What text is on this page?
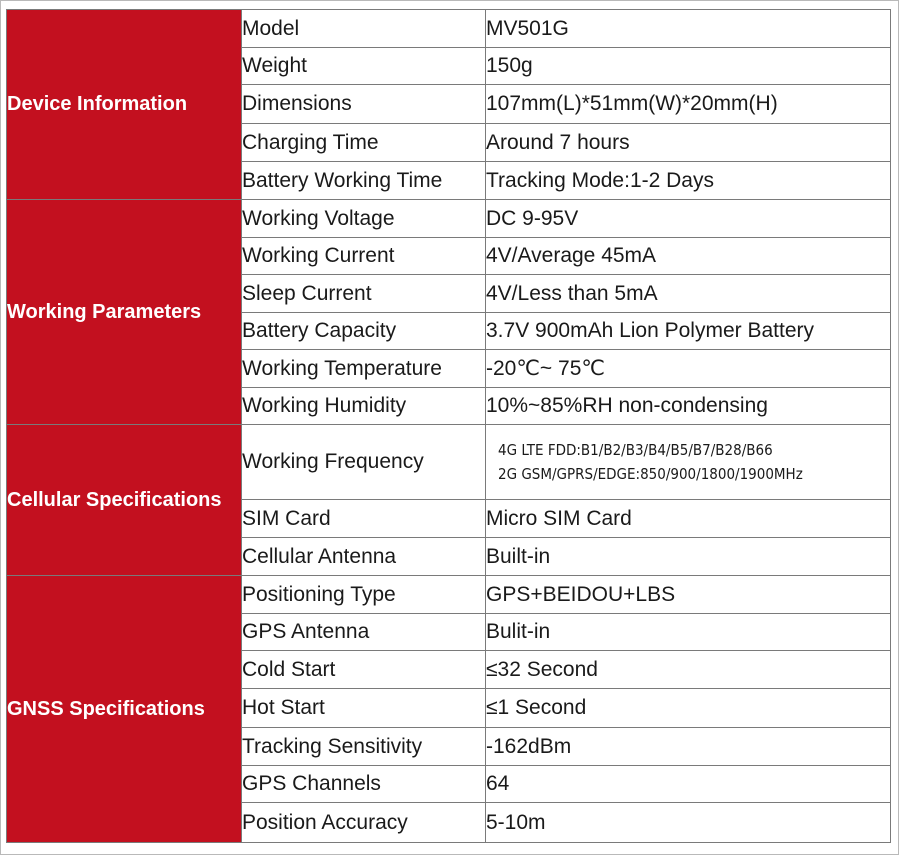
Device Information	Model	MV501G
	Weight	150g
	Dimensions	107mm(L)*51mm(W)*20mm(H)
	Charging Time	Around 7 hours
	Battery Working Time	Tracking Mode:1-2 Days
Working Parameters	Working Voltage	DC 9-95V
	Working Current	4V/Average 45mA
	Sleep Current	4V/Less than 5mA
	Battery Capacity	3.7V 900mAh Lion Polymer Battery
	Working Temperature	-20℃~ 75℃
	Working Humidity	10%~85%RH non-condensing
Cellular Specifications	Working Frequency	4G LTE FDD:B1/B2/B3/B4/B5/B7/B28/B66
2G GSM/GPRS/EDGE:850/900/1800/1900MHz

	SIM Card	Micro SIM Card
	Cellular Antenna	Built-in
GNSS Specifications	Positioning Type	GPS+BEIDOU+LBS
	GPS Antenna	Bulit-in
	Cold Start	≤32 Second
	Hot Start	≤1 Second
	Tracking Sensitivity	-162dBm
	GPS Channels	64
	Position Accuracy	5-10m
